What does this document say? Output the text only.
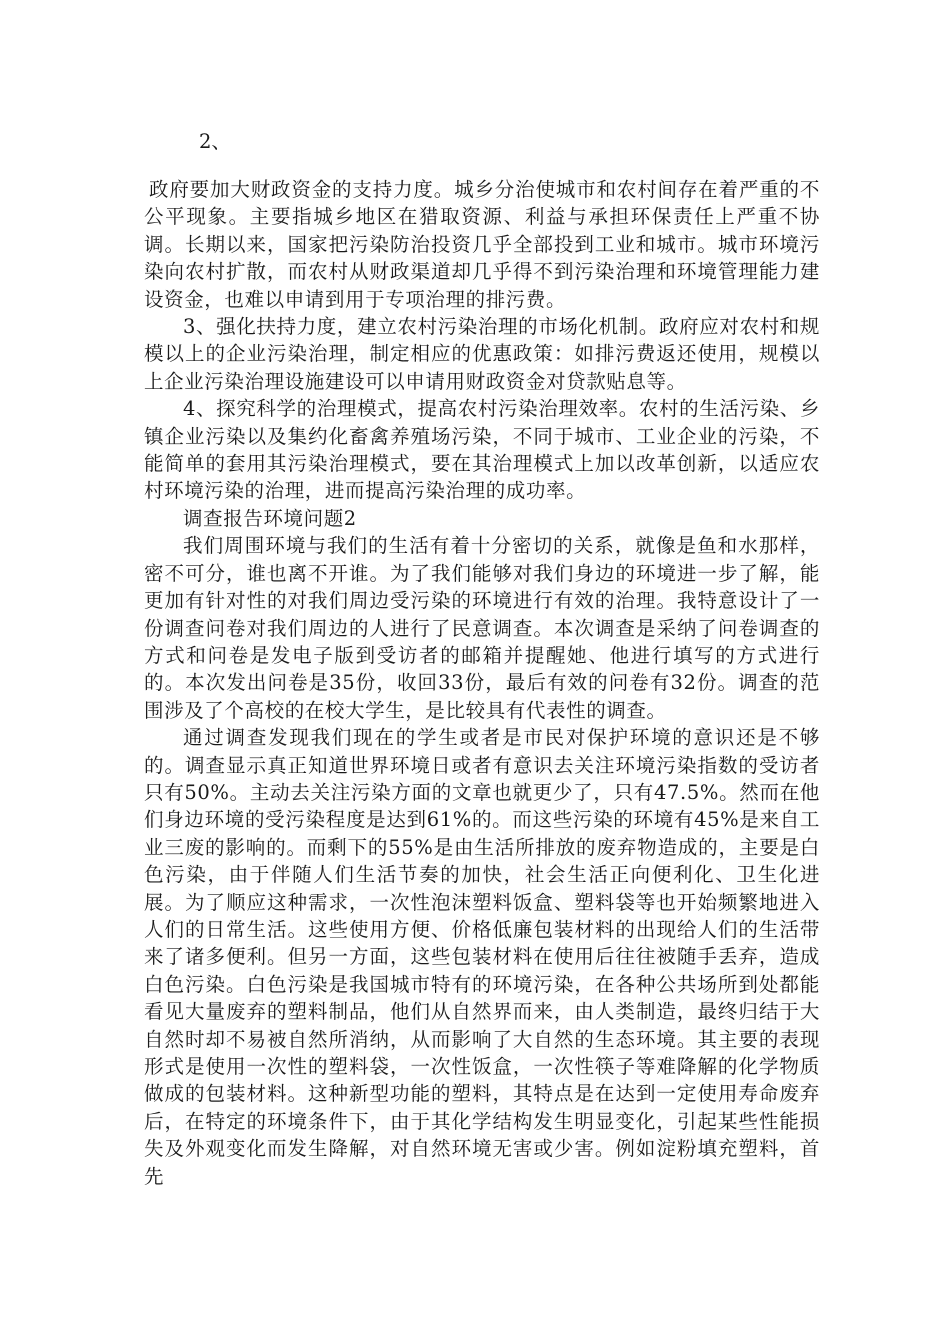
2、

政府要加大财政资金的支持力度。城乡分治使城市和农村间存在着严重的不公平现象。主要指城乡地区在猎取资源、利益与承担环保责任上严重不协调。长期以来，国家把污染防治投资几乎全部投到工业和城市。城市环境污染向农村扩散，而农村从财政渠道却几乎得不到污染治理和环境管理能力建设资金，也难以申请到用于专项治理的排污费。

3、强化扶持力度，建立农村污染治理的市场化机制。政府应对农村和规模以上的企业污染治理，制定相应的优惠政策：如排污费返还使用，规模以上企业污染治理设施建设可以申请用财政资金对贷款贴息等。

4、探究科学的治理模式，提高农村污染治理效率。农村的生活污染、乡镇企业污染以及集约化畜禽养殖场污染，不同于城市、工业企业的污染，不能简单的套用其污染治理模式，要在其治理模式上加以改革创新，以适应农村环境污染的治理，进而提高污染治理的成功率。

调查报告环境问题2

我们周围环境与我们的生活有着十分密切的关系，就像是鱼和水那样，密不可分，谁也离不开谁。为了我们能够对我们身边的环境进一步了解，能更加有针对性的对我们周边受污染的环境进行有效的治理。我特意设计了一份调查问卷对我们周边的人进行了民意调查。本次调查是采纳了问卷调查的方式和问卷是发电子版到受访者的邮箱并提醒她、他进行填写的方式进行的。本次发出问卷是35份，收回33份，最后有效的问卷有32份。调查的范围涉及了个高校的在校大学生，是比较具有代表性的调查。

通过调查发现我们现在的学生或者是市民对保护环境的意识还是不够的。调查显示真正知道世界环境日或者有意识去关注环境污染指数的受访者只有50%。主动去关注污染方面的文章也就更少了，只有47.5%。然而在他们身边环境的受污染程度是达到61%的。而这些污染的环境有45%是来自工业三废的影响的。而剩下的55%是由生活所排放的废弃物造成的，主要是白色污染，由于伴随人们生活节奏的加快，社会生活正向便利化、卫生化进展。为了顺应这种需求，一次性泡沫塑料饭盒、塑料袋等也开始频繁地进入人们的日常生活。这些使用方便、价格低廉包装材料的出现给人们的生活带来了诸多便利。但另一方面，这些包装材料在使用后往往被随手丢弃，造成白色污染。白色污染是我国城市特有的环境污染，在各种公共场所到处都能看见大量废弃的塑料制品，他们从自然界而来，由人类制造，最终归结于大自然时却不易被自然所消纳，从而影响了大自然的生态环境。其主要的表现形式是使用一次性的塑料袋，一次性饭盒，一次性筷子等难降解的化学物质做成的包装材料。这种新型功能的塑料，其特点是在达到一定使用寿命废弃后，在特定的环境条件下，由于其化学结构发生明显变化，引起某些性能损失及外观变化而发生降解，对自然环境无害或少害。例如淀粉填充塑料，首先
